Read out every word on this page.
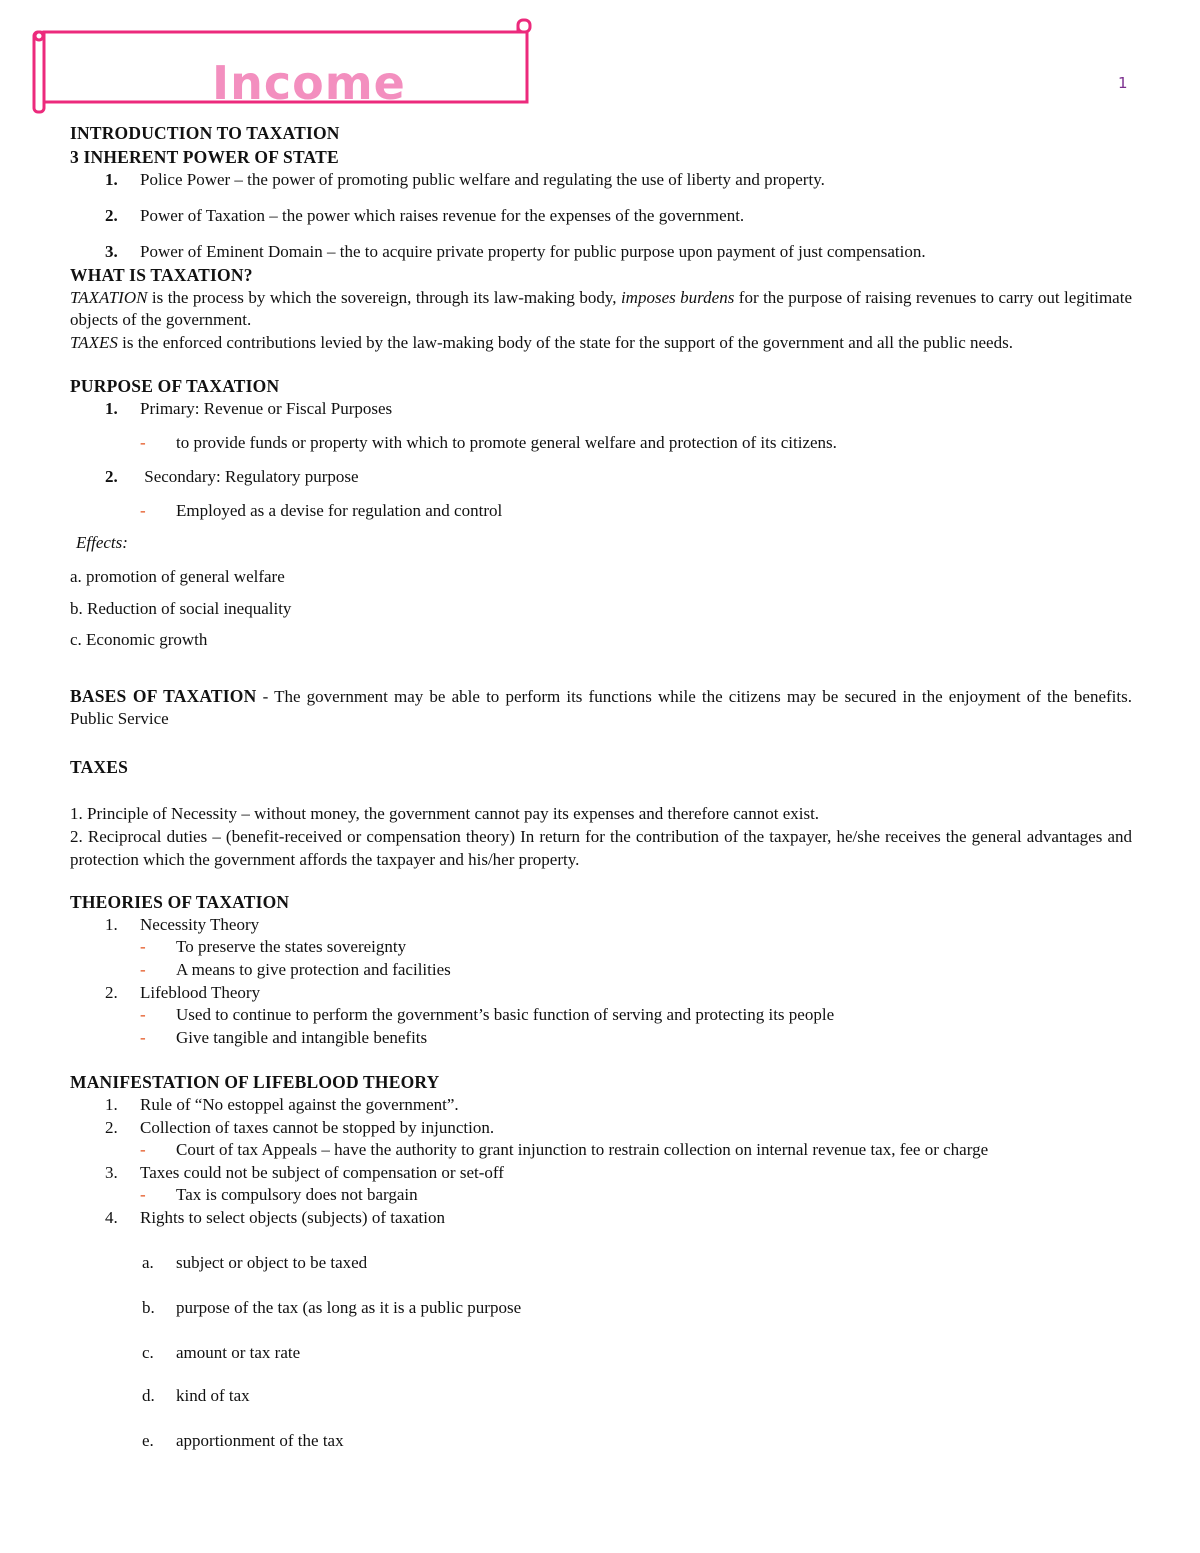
Income	1
INTRODUCTION TO TAXATION
3 INHERENT POWER OF STATE
1. Police Power – the power of promoting public welfare and regulating the use of liberty and property.
2. Power of Taxation – the power which raises revenue for the expenses of the government.
3. Power of Eminent Domain – the to acquire private property for public purpose upon payment of just compensation.
WHAT IS TAXATION?

TAXATION is the process by which the sovereign, through its law-making body, imposes burdens for the purpose of raising revenues to carry out legitimate objects of the government.

TAXES is the enforced contributions levied by the law-making body of the state for the support of the government and all the public needs.

PURPOSE OF TAXATION
1. Primary: Revenue or Fiscal Purposes
- to provide funds or property with which to promote general welfare and protection of its citizens.
2. Secondary: Regulatory purpose
- Employed as a devise for regulation and control
Effects:
a. promotion of general welfare
b. Reduction of social inequality
c. Economic growth

BASES OF TAXATION - The government may be able to perform its functions while the citizens may be secured in the enjoyment of the benefits. Public Service

TAXES

1. Principle of Necessity – without money, the government cannot pay its expenses and therefore cannot exist.

2. Reciprocal duties – (benefit-received or compensation theory) In return for the contribution of the taxpayer, he/she receives the general advantages and protection which the government affords the taxpayer and his/her property.

THEORIES OF TAXATION
1. Necessity Theory
- To preserve the states sovereignty
- A means to give protection and facilities
2. Lifeblood Theory
- Used to continue to perform the government’s basic function of serving and protecting its people
- Give tangible and intangible benefits
MANIFESTATION OF LIFEBLOOD THEORY
1. Rule of “No estoppel against the government”.
2. Collection of taxes cannot be stopped by injunction.
- Court of tax Appeals – have the authority to grant injunction to restrain collection on internal revenue tax, fee or charge
3. Taxes could not be subject of compensation or set-off
- Tax is compulsory does not bargain
4. Rights to select objects (subjects) of taxation
a. subject or object to be taxed
b. purpose of the tax (as long as it is a public purpose
c. amount or tax rate
d. kind of tax
e. apportionment of the tax
